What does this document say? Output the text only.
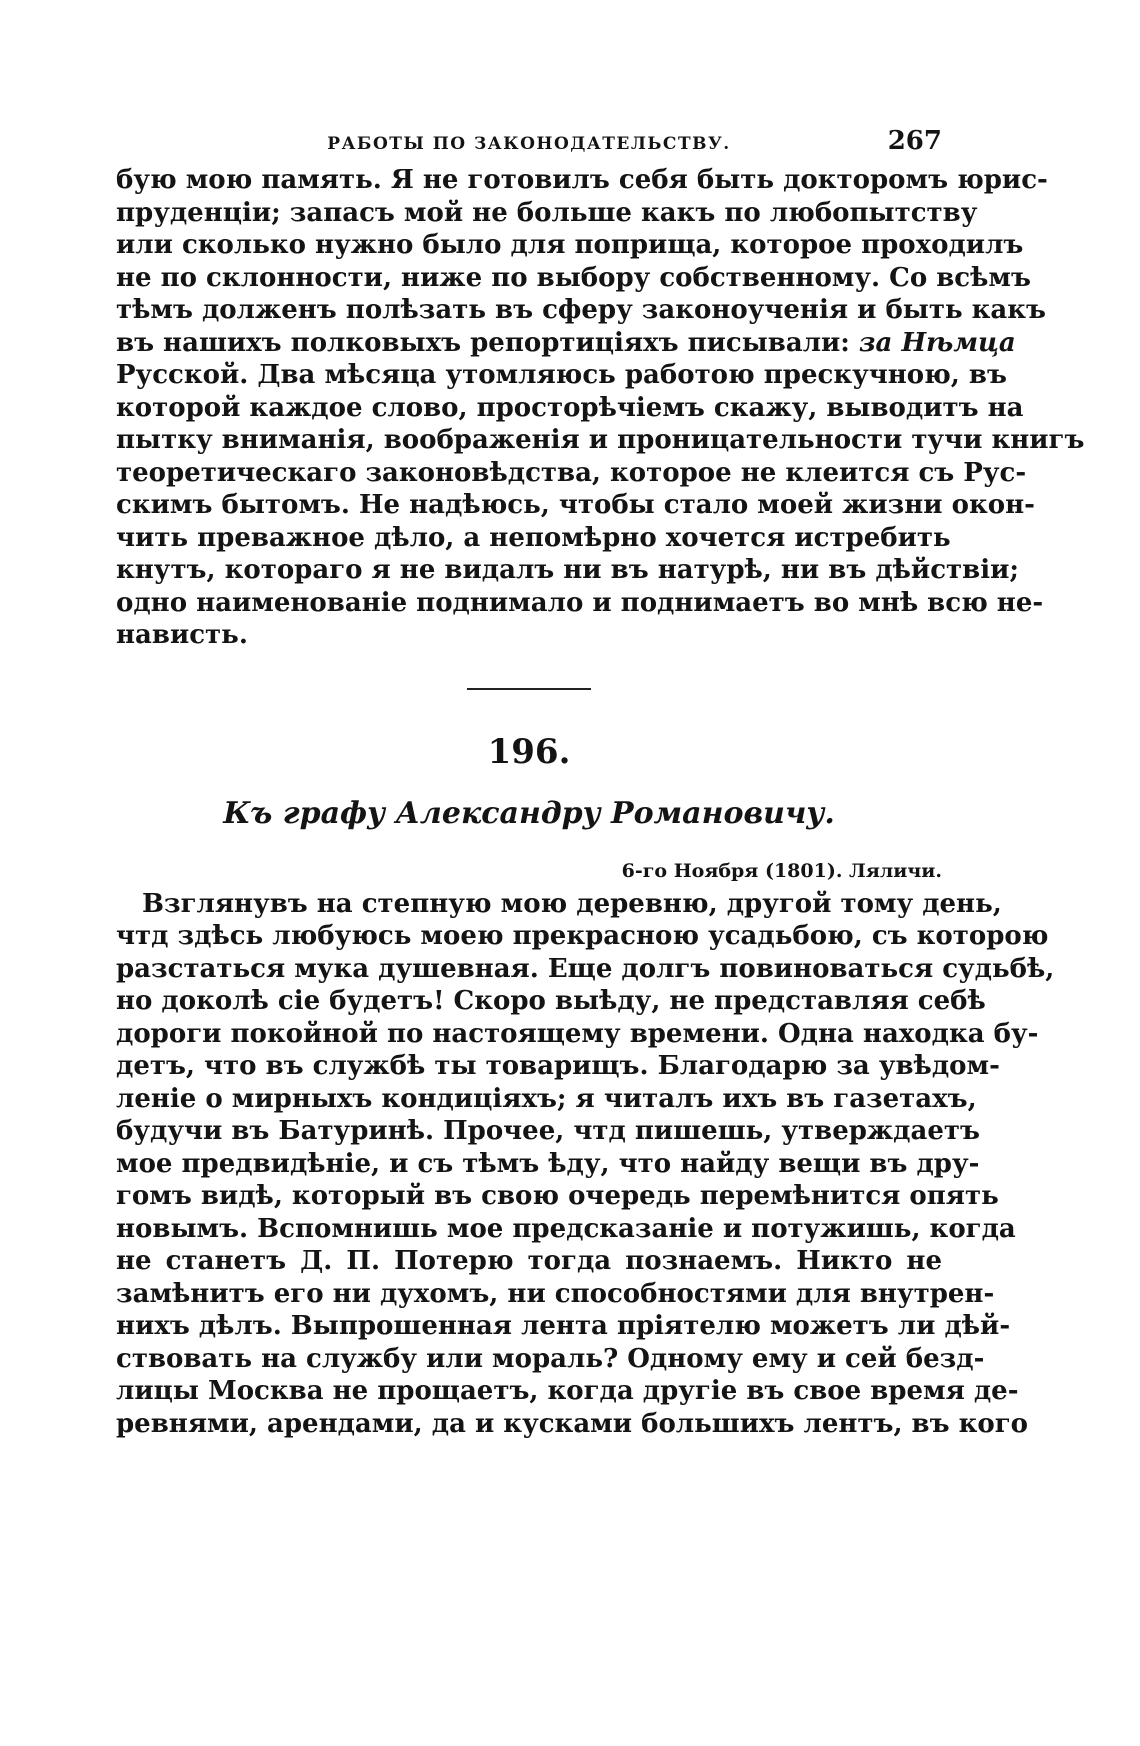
РАБОТЫ ПО ЗАКОНОДАТЕЛЬСТВУ.	267
бую мою память. Я не готовилъ себя быть докторомъ юрис-
пруденціи; запасъ мой не больше какъ по любопытству
или сколько нужно было для поприща, которое проходилъ
не по склонности, ниже по выбору собственному. Со всѣмъ
тѣмъ долженъ полѣзать въ сферу законоученія и быть какъ
въ нашихъ полковыхъ репортиціяхъ писывали: за Нѣмца
Русской. Два мѣсяца утомляюсь работою прескучною, въ
которой каждое слово, просторѣчіемъ скажу, выводитъ на
пытку вниманія, воображенія и проницательности тучи книгъ
теоретическаго законовѣдства, которое не клеится съ Рус-
скимъ бытомъ. Не надѣюсь, чтобы стало моей жизни окон-
чить преважное дѣло, а непомѣрно хочется истребить
кнутъ, котораго я не видалъ ни въ натурѣ, ни въ дѣйствіи;
одно наименованіе поднимало и поднимаетъ во мнѣ всю не-
нависть.
196.
Къ графу Александру Романовичу.
6-го Ноября (1801). Ляличи.
Взглянувъ на степную мою деревню, другой тому день,
чтд здѣсь любуюсь моею прекрасною усадьбою, съ которою
разстаться мука душевная. Еще долгъ повиноваться судьбѣ,
но доколѣ сіе будетъ! Скоро выѣду, не представляя себѣ
дороги покойной по настоящему времени. Одна находка бу-
детъ, что въ службѣ ты товарищъ. Благодарю за увѣдом-
леніе о мирныхъ кондиціяхъ; я читалъ ихъ въ газетахъ,
будучи въ Батуринѣ. Прочее, чтд пишешь, утверждаетъ
мое предвидѣніе, и съ тѣмъ ѣду, что найду вещи въ дру-
гомъ видѣ, который въ свою очередь перемѣнится опять
новымъ. Вспомнишь мое предсказаніе и потужишь, когда
не станетъ Д. П. Потерю тогда познаемъ. Никто не
замѣнитъ его ни духомъ, ни способностями для внутрен-
нихъ дѣлъ. Выпрошенная лента пріятелю можетъ ли дѣй-
ствовать на службу или мораль? Одному ему и сей безд-
лицы Москва не прощаетъ, когда другіе въ свое время де-
ревнями, арендами, да и кусками большихъ лентъ, въ кого
